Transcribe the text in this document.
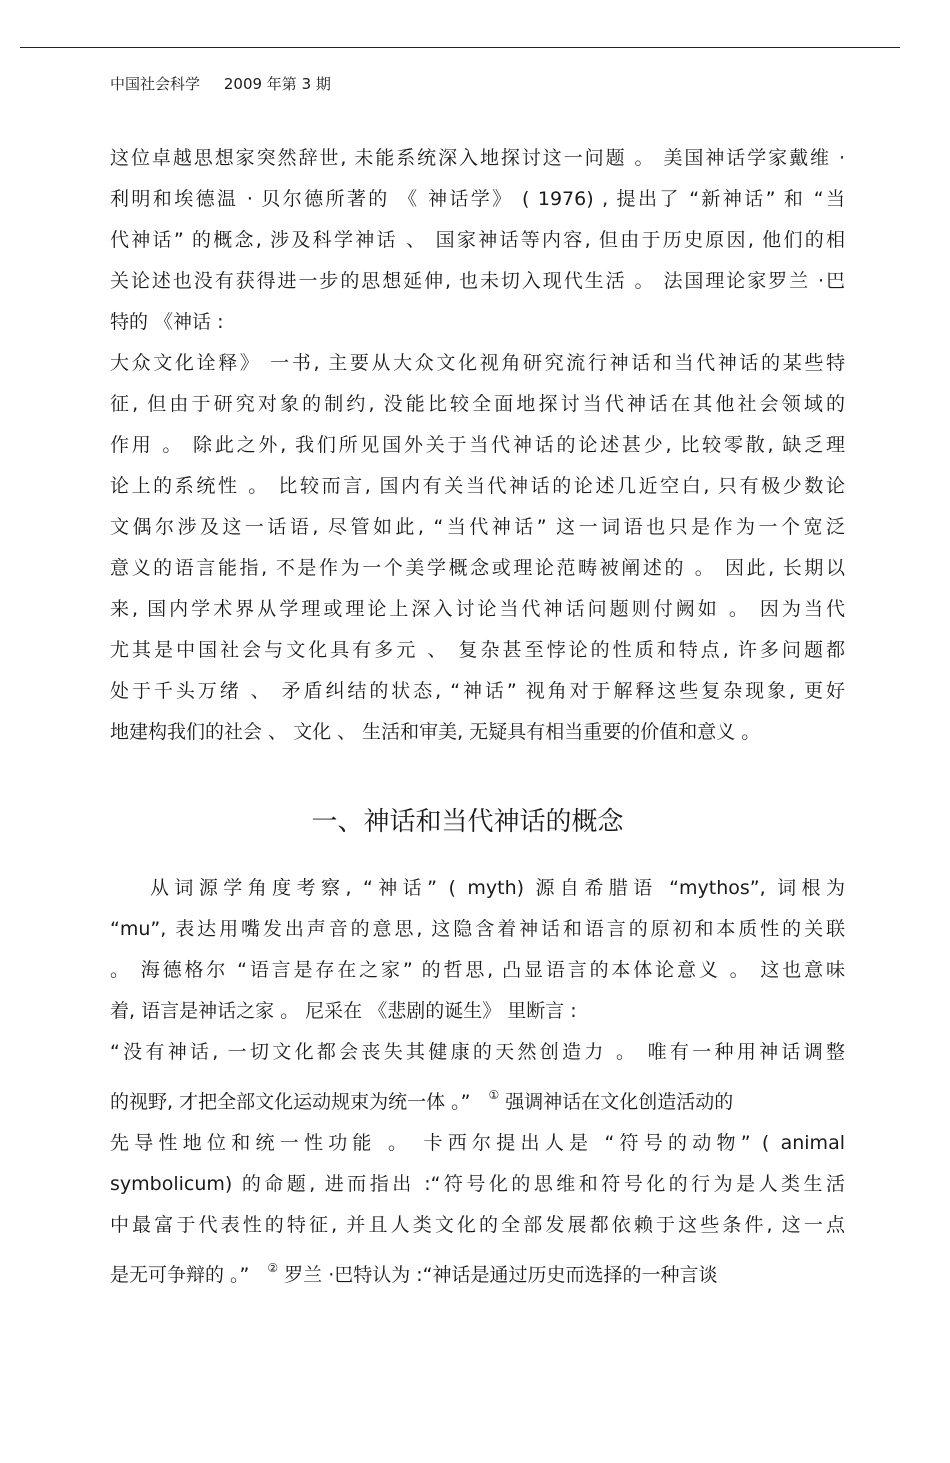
中国社会科学 2009 年第 3 期
这位卓越思想家突然辞世, 未能系统深入地探讨这一问题 。 美国神话学家戴维 ·
利明和埃德温 · 贝尔德所著的 《 神话学》 ( 1976) , 提出了 “新神话” 和 “当
代神话” 的概念, 涉及科学神话 、 国家神话等内容, 但由于历史原因, 他们的相
关论述也没有获得进一步的思想延伸, 也未切入现代生活 。 法国理论家罗兰 ·巴
特的 《神话 :
大众文化诠释》 一书, 主要从大众文化视角研究流行神话和当代神话的某些特
征, 但由于研究对象的制约, 没能比较全面地探讨当代神话在其他社会领域的
作用 。 除此之外, 我们所见国外关于当代神话的论述甚少, 比较零散, 缺乏理
论上的系统性 。 比较而言, 国内有关当代神话的论述几近空白, 只有极少数论
文偶尔涉及这一话语, 尽管如此, “当代神话” 这一词语也只是作为一个宽泛
意义的语言能指, 不是作为一个美学概念或理论范畴被阐述的 。 因此, 长期以
来, 国内学术界从学理或理论上深入讨论当代神话问题则付阙如 。 因为当代
尤其是中国社会与文化具有多元 、 复杂甚至悖论的性质和特点, 许多问题都
处于千头万绪 、 矛盾纠结的状态, “神话” 视角对于解释这些复杂现象, 更好
地建构我们的社会 、 文化 、 生活和审美, 无疑具有相当重要的价值和意义 。
一、神话和当代神话的概念
从词源学角度考察, “神话” ( myth) 源自希腊语 “mythos”, 词根为
“mu”, 表达用嘴发出声音的意思, 这隐含着神话和语言的原初和本质性的关联
。 海德格尔 “语言是存在之家” 的哲思, 凸显语言的本体论意义 。 这也意味
着, 语言是神话之家 。 尼采在 《悲剧的诞生》 里断言 :
“没有神话, 一切文化都会丧失其健康的天然创造力 。 唯有一种用神话调整
的视野, 才把全部文化运动规束为统一体 。” ① 强调神话在文化创造活动的
先导性地位和统一性功能 。 卡西尔提出人是 “符号的动物” ( animal
symbolicum) 的命题, 进而指出 :“符号化的思维和符号化的行为是人类生活
中最富于代表性的特征, 并且人类文化的全部发展都依赖于这些条件, 这一点
是无可争辩的 。” ② 罗兰 ·巴特认为 :“神话是通过历史而选择的一种言谈
